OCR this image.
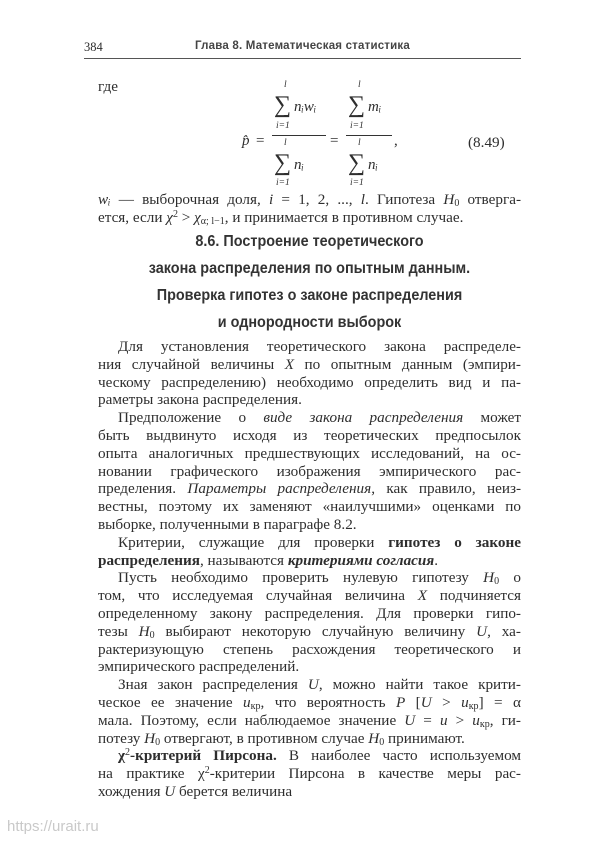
384	Глава 8. Математическая статистика
где
p̂ =
l
∑ nᵢwᵢ
i=1
l
∑ nᵢ
i=1
=
l
∑ mᵢ
i=1
l
∑ nᵢ
i=1
,	(8.49)
wᵢ — выборочная доля, i = 1, 2, ..., l. Гипотеза $H_0$ отверга-
ется, если $\chi^2 > \chi_{\alpha; l-1}$, и принимается в противном случае.
8.6. Построение теоретического
закона распределения по опытным данным.
Проверка гипотез о законе распределения
и однородности выборок
Для установления теоретического закона распределе-
ния случайной величины X по опытным данным (эмпири-
ческому распределению) необходимо определить вид и па-
раметры закона распределения.
Предположение о виде закона распределения может
быть выдвинуто исходя из теоретических предпосылок
опыта аналогичных предшествующих исследований, на ос-
новании графического изображения эмпирического рас-
пределения. Параметры распределения, как правило, неиз-
вестны, поэтому их заменяют «наилучшими» оценками по
выборке, полученными в параграфе 8.2.
Критерии, служащие для проверки гипотез о законе
распределения, называются критериями согласия.
Пусть необходимо проверить нулевую гипотезу $H_0$ о
том, что исследуемая случайная величина X подчиняется
определенному закону распределения. Для проверки гипо-
тезы $H_0$ выбирают некоторую случайную величину U, ха-
рактеризующую степень расхождения теоретического и
эмпирического распределений.
Зная закон распределения U, можно найти такое крити-
ческое ее значение $u_{кр}$, что вероятность P $[U > u_{кр}] = \alpha$
мала. Поэтому, если наблюдаемое значение $U = u > u_{кр}$, ги-
потезу $H_0$ отвергают, в противном случае $H_0$ принимают.
$\chi^2$-критерий Пирсона. В наиболее часто используемом
на практике $\chi^2$-критерии Пирсона в качестве меры рас-
хождения U берется величина
https://urait.ru
